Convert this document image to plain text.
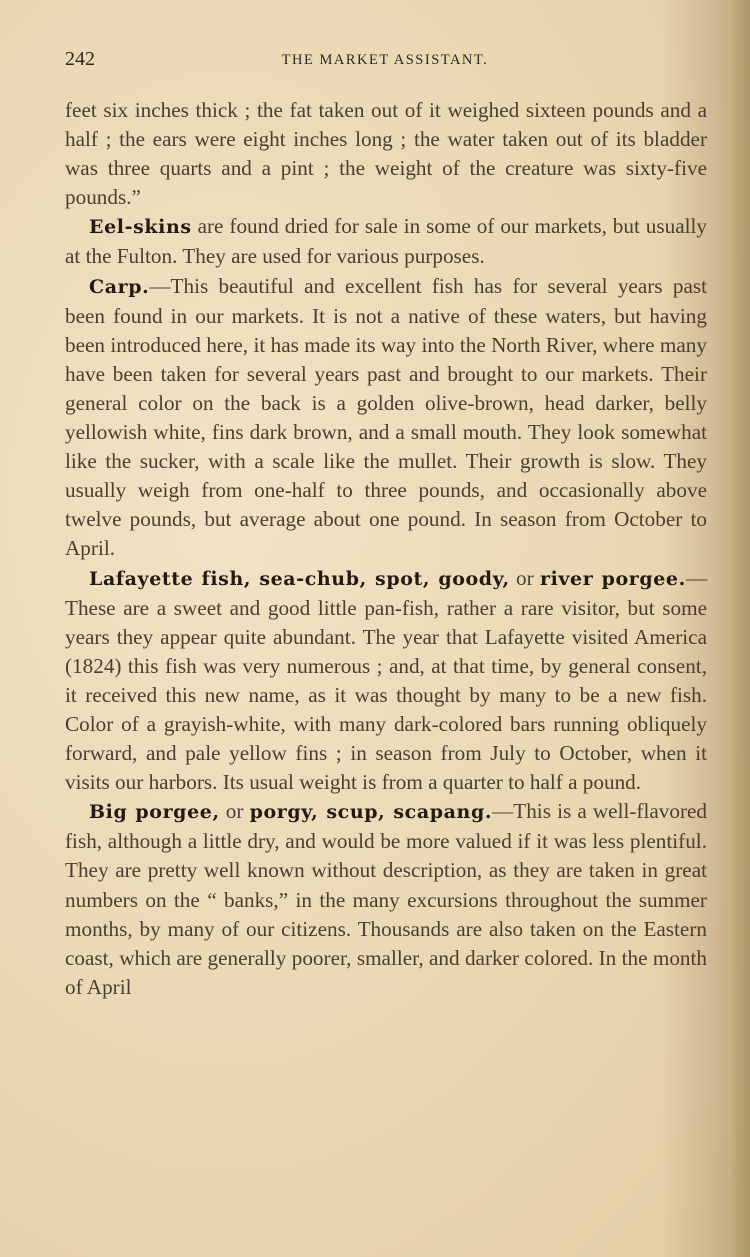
242	THE MARKET ASSISTANT.

feet six inches thick ; the fat taken out of it weighed sixteen pounds and a half ; the ears were eight inches long ; the water taken out of its bladder was three quarts and a pint ; the weight of the creature was sixty-five pounds.”

Eel-skins are found dried for sale in some of our markets, but usually at the Fulton. They are used for various purposes.

Carp.—This beautiful and excellent fish has for several years past been found in our markets. It is not a native of these waters, but having been introduced here, it has made its way into the North River, where many have been taken for several years past and brought to our markets. Their general color on the back is a golden olive-brown, head darker, belly yellowish white, fins dark brown, and a small mouth. They look somewhat like the sucker, with a scale like the mullet. Their growth is slow. They usually weigh from one-half to three pounds, and occasionally above twelve pounds, but average about one pound. In season from October to April.

Lafayette fish, sea-chub, spot, goody, or river porgee.—These are a sweet and good little pan-fish, rather a rare visitor, but some years they appear quite abundant. The year that Lafayette visited America (1824) this fish was very numerous ; and, at that time, by general consent, it received this new name, as it was thought by many to be a new fish. Color of a grayish-white, with many dark-colored bars running obliquely forward, and pale yellow fins ; in season from July to October, when it visits our harbors. Its usual weight is from a quarter to half a pound.

Big porgee, or porgy, scup, scapang.—This is a well-flavored fish, although a little dry, and would be more valued if it was less plentiful. They are pretty well known without description, as they are taken in great numbers on the “ banks,” in the many excursions throughout the summer months, by many of our citizens. Thousands are also taken on the Eastern coast, which are generally poorer, smaller, and darker colored. In the month of April
